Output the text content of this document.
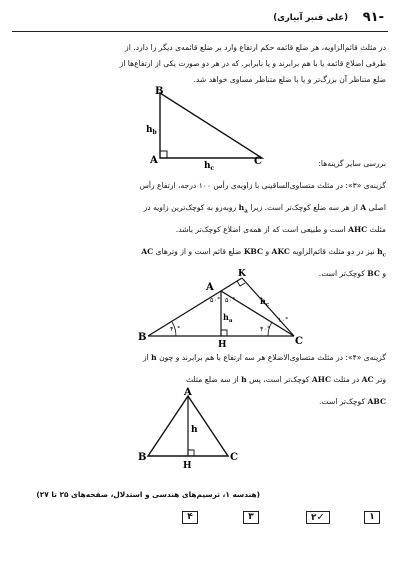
۹۱-
(علی قنبر آبیاری)
در مثلث قائم‌الزاویه، هر ضلع قائمه حکم ارتفاع وارد بر ضلع قائمه‌ی دیگر را دارد. از
طرفی اضلاع قائمه یا با هم برابرند و یا نابرابر. که در هر دو صورت یکی از ارتفاع‌ها از
ضلع متناظر آن بزرگ‌تر و یا با ضلع متناظر مساوی خواهد شد.
B
A	C
$h_b$
$h_c$
بررسی سایر گزینه‌ها:
گزینه‌ی «۳»: در مثلث متساوی‌الساقینی با زاویه‌ی رأس ۱۰۰ درجه، ارتفاع رأس
اصلی A از هر سه ضلع کوچک‌تر است. زیرا $h_a$ روبه‌رو به کوچک‌ترین زاویه در
مثلث AHC است و طبیعی است که از همه‌ی اضلاع کوچک‌تر باشد.
$h_c$ نیز در دو مثلث قائم‌الزاویه AKC و KBC ضلع قائم است و از وترهای AC
و BC کوچک‌تر است.
B	C
A
H
K
$h_a$
$h_c$
۴۰°	۴۰°
۵۰° ۵۰°
۱۰°
گزینه‌ی «۴»: در مثلث متساوی‌الاضلاع هر سه ارتفاع با هم برابرند و چون h از
وتر AC در مثلث AHC کوچک‌تر است، پس h از سه ضلع مثلث
ABC کوچک‌تر است.
A
B	C
H
h
(هندسه ۱، ترسیم‌های هندسی و استدلال، صفحه‌های ۲۵ تا ۲۷)
۱
۲✓
۳
۴
